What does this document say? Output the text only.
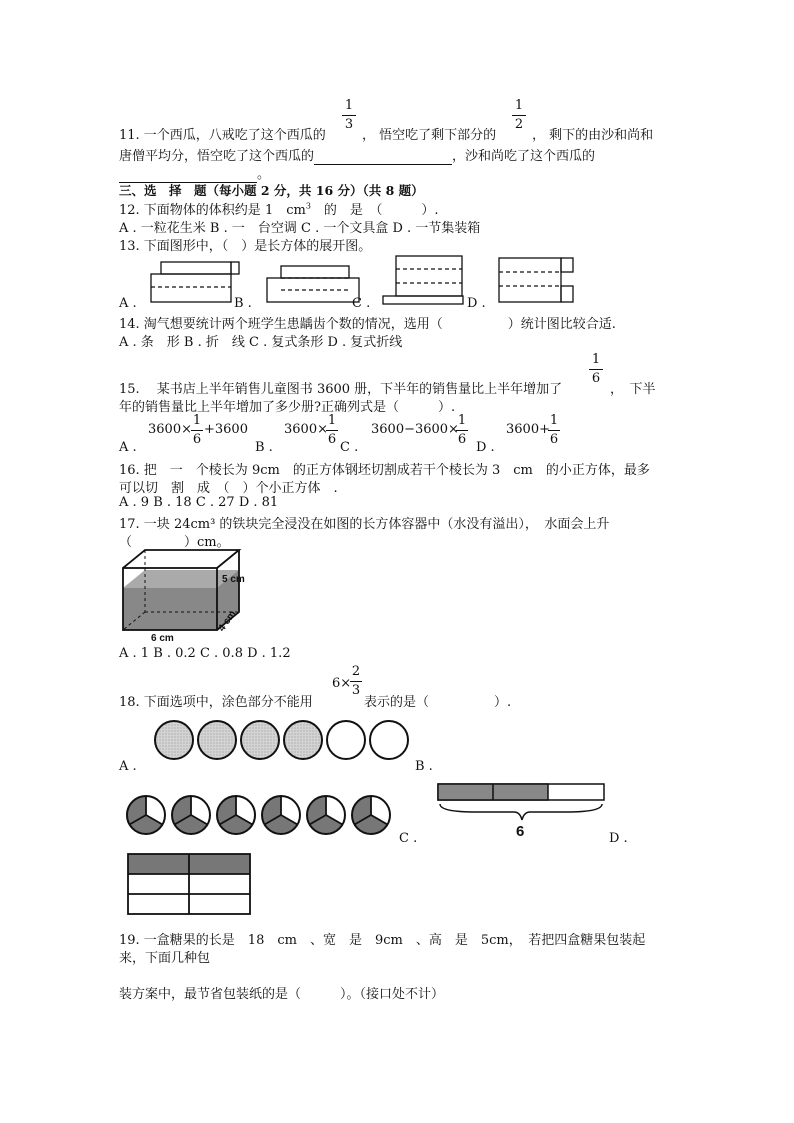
1
3
1
2
11. 一个西瓜，八戒吃了这个西瓜的	， 悟空吃了剩下部分的	， 剩下的由沙和尚和
唐僧平均分，悟空吃了这个西瓜的	，沙和尚吃了这个西瓜的
。
三、选　择　题（每小题 2 分，共 16 分）（共 8 题）
12. 下面物体的体积约是 1　$cm^3$　的　是　（　　　）.
A . 一粒花生米 B . 一　台空调 C . 一个文具盒 D . 一节集装箱
13. 下面图形中，（　）是长方体的展开图。
A .	B .	C .	D .
14. 淘气想要统计两个班学生患龋齿个数的情况，选用（　　　　　）统计图比较合适.
A . 条　形 B . 折　线 C . 复式条形 D . 复式折线
1
6
15.　 某书店上半年销售儿童图书 3600 册，下半年的销售量比上半年增加了	，　下半
年的销售量比上半年增加了多少册?正确列式是（　　　）.
3600×
1
6
+3600	3600×
1
6
3600−3600×
1
6
3600+
1
6
A .	B .	C .	D .
16. 把　一　个棱长为 9cm　的正方体钢坯切割成若干个棱长为 3　cm　的小正方体，最多
可以切　割　成　（　）个小正方体　.
A . 9 B . 18 C . 27 D . 81
17. 一块 24cm³ 的铁块完全浸没在如图的长方体容器中（水没有溢出），　水面会上升
（　　　　）cm。
5 cm
4 cm
6 cm
A . 1 B . 0.2 C . 0.8 D . 1.2
6×
2
3
18. 下面选项中，涂色部分不能用	表示的是（　　　　　）.
A .	B .
C .	6	D .
19. 一盒糖果的长是　18　cm　、宽　是　9cm　、高　是　5cm，　若把四盒糖果包装起
来，下面几种包
装方案中，最节省包装纸的是（　　　）。（接口处不计）
